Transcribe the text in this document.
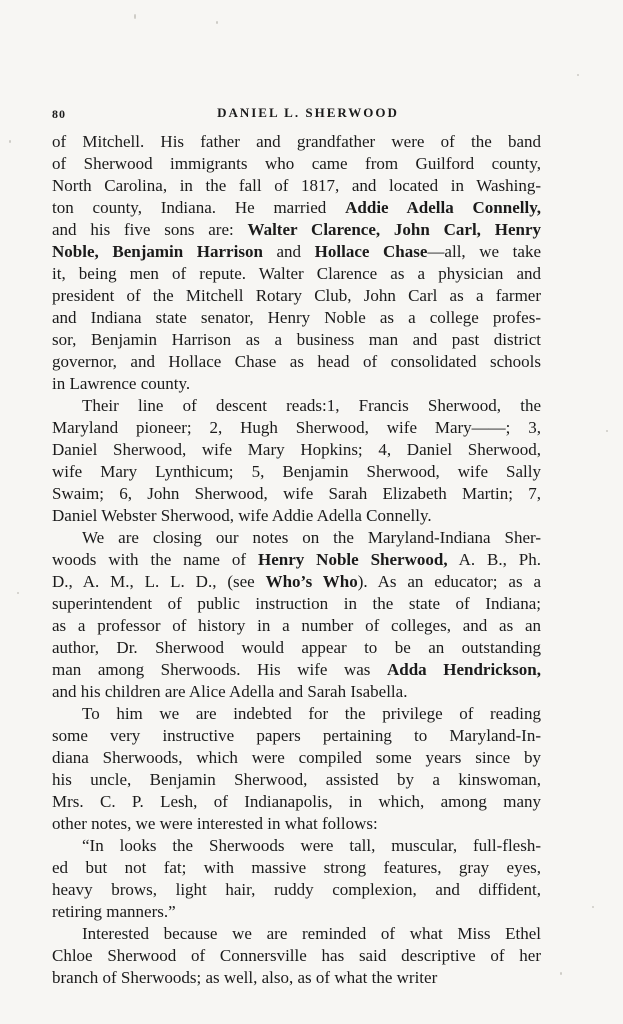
80	DANIEL L. SHERWOOD
of Mitchell. His father and grandfather were of the band
of Sherwood immigrants who came from Guilford county,
North Carolina, in the fall of 1817, and located in Washing-
ton county, Indiana. He married Addie Adella Connelly,
and his five sons are: Walter Clarence, John Carl, Henry
Noble, Benjamin Harrison and Hollace Chase—all, we take
it, being men of repute. Walter Clarence as a physician and
president of the Mitchell Rotary Club, John Carl as a farmer
and Indiana state senator, Henry Noble as a college profes-
sor, Benjamin Harrison as a business man and past district
governor, and Hollace Chase as head of consolidated schools
in Lawrence county.
Their line of descent reads:1, Francis Sherwood, the
Maryland pioneer; 2, Hugh Sherwood, wife Mary——; 3,
Daniel Sherwood, wife Mary Hopkins; 4, Daniel Sherwood,
wife Mary Lynthicum; 5, Benjamin Sherwood, wife Sally
Swaim; 6, John Sherwood, wife Sarah Elizabeth Martin; 7,
Daniel Webster Sherwood, wife Addie Adella Connelly.
We are closing our notes on the Maryland-Indiana Sher-
woods with the name of Henry Noble Sherwood, A. B., Ph.
D., A. M., L. L. D., (see Who’s Who). As an educator; as a
superintendent of public instruction in the state of Indiana;
as a professor of history in a number of colleges, and as an
author, Dr. Sherwood would appear to be an outstanding
man among Sherwoods. His wife was Adda Hendrickson,
and his children are Alice Adella and Sarah Isabella.
To him we are indebted for the privilege of reading
some very instructive papers pertaining to Maryland-In-
diana Sherwoods, which were compiled some years since by
his uncle, Benjamin Sherwood, assisted by a kinswoman,
Mrs. C. P. Lesh, of Indianapolis, in which, among many
other notes, we were interested in what follows:
“In looks the Sherwoods were tall, muscular, full-flesh-
ed but not fat; with massive strong features, gray eyes,
heavy brows, light hair, ruddy complexion, and diffident,
retiring manners.”
Interested because we are reminded of what Miss Ethel
Chloe Sherwood of Connersville has said descriptive of her
branch of Sherwoods; as well, also, as of what the writer
